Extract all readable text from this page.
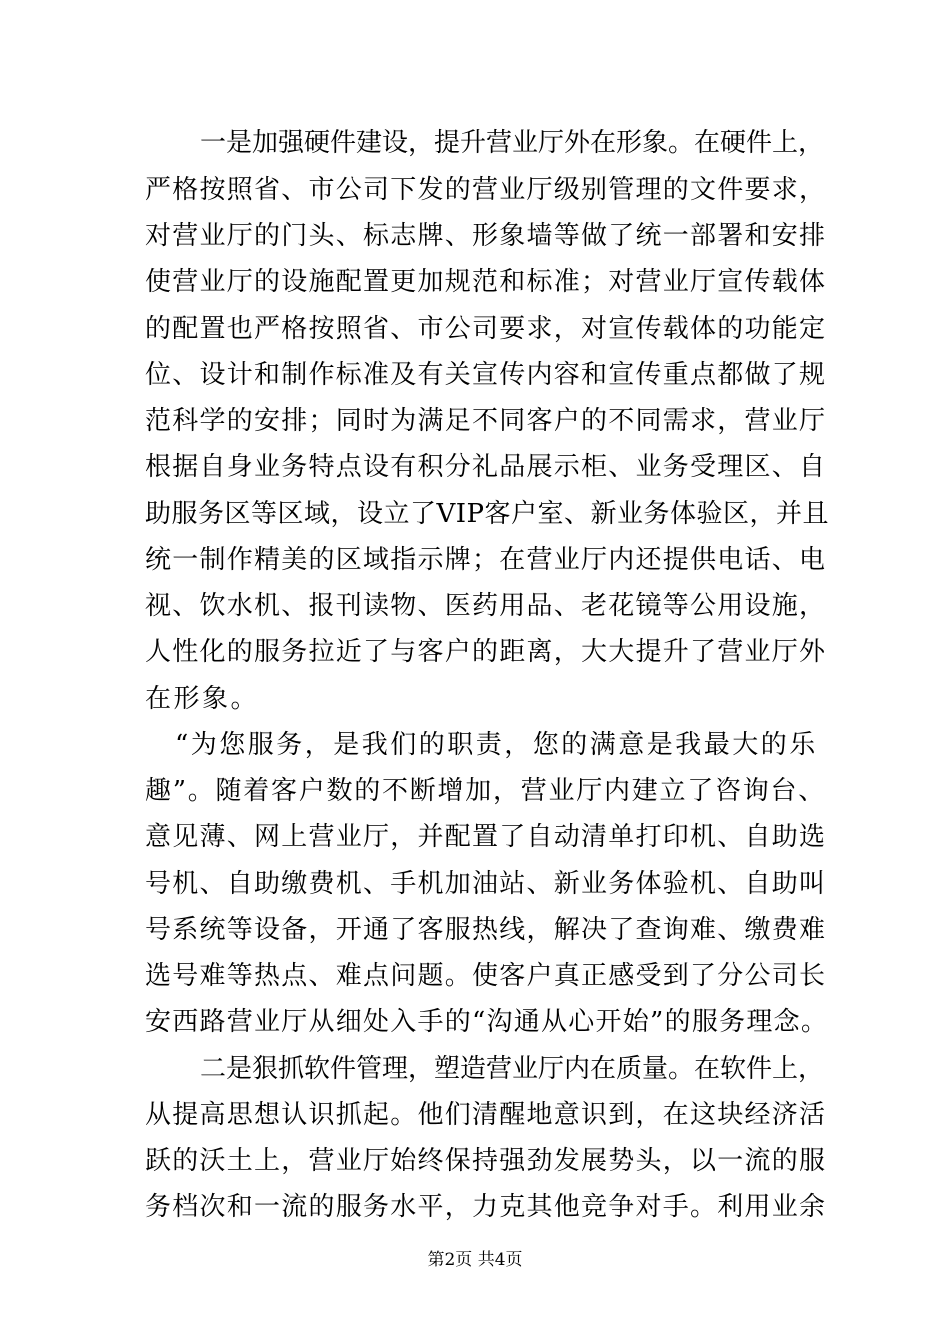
一是加强硬件建设，提升营业厅外在形象。在硬件上，
严格按照省、市公司下发的营业厅级别管理的文件要求，
对营业厅的门头、标志牌、形象墙等做了统一部署和安排
使营业厅的设施配置更加规范和标准；对营业厅宣传载体
的配置也严格按照省、市公司要求，对宣传载体的功能定
位、设计和制作标准及有关宣传内容和宣传重点都做了规
范科学的安排；同时为满足不同客户的不同需求，营业厅
根据自身业务特点设有积分礼品展示柜、业务受理区、自
助服务区等区域，设立了VIP客户室、新业务体验区，并且
统一制作精美的区域指示牌；在营业厅内还提供电话、电
视、饮水机、报刊读物、医药用品、老花镜等公用设施，
人性化的服务拉近了与客户的距离，大大提升了营业厅外
在形象。
“为您服务，是我们的职责，您的满意是我最大的乐
趣”。随着客户数的不断增加，营业厅内建立了咨询台、
意见薄、网上营业厅，并配置了自动清单打印机、自助选
号机、自助缴费机、手机加油站、新业务体验机、自助叫
号系统等设备，开通了客服热线，解决了查询难、缴费难
选号难等热点、难点问题。使客户真正感受到了分公司长
安西路营业厅从细处入手的“沟通从心开始”的服务理念。
二是狠抓软件管理，塑造营业厅内在质量。在软件上，
从提高思想认识抓起。他们清醒地意识到，在这块经济活
跃的沃土上，营业厅始终保持强劲发展势头，以一流的服
务档次和一流的服务水平，力克其他竞争对手。利用业余
第2页 共4页
